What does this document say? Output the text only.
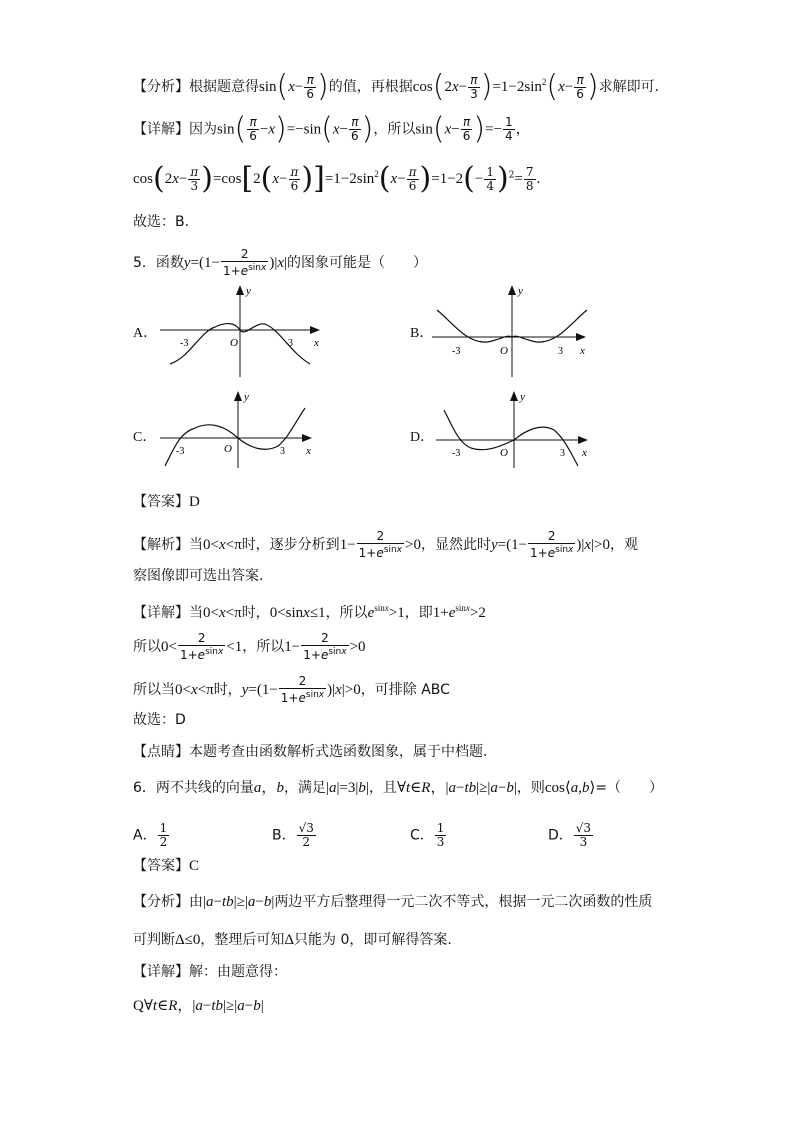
【分析】根据题意得$\sin(x- \frac{\pi}{6}$ )的值，再根据$\cos(2x- \frac{\pi}{3} )=1-2\sin^2(x- \frac{\pi}{6}$ )求解即可.
【详解】因为$\sin( \frac{\pi}{6} -x)=-\sin(x- \frac{\pi}{6}$ )，所以$\sin(x- \frac{\pi}{6}$ )=− $\frac{1}{4}$ ，
$\cos(2x- \frac{\pi}{3} )=\cos[2(x- \frac{\pi}{6} )]=1-2\sin^2(x- \frac{\pi}{6} )=1-2(- \frac{1}{4} )^2= \frac{7}{8}$ .
故选：B.
5．函数$y=(1- \frac{2}{1+e^{sinx}} )|x|$的图象可能是（　　）
A．	B．
C．	D．
y
x
O
-3	3
y
x
O
-3	3
y
x
O
-3	3
y
x
O
-3	3
【答案】D
【解析】当0<x<π时，逐步分析到$1- \frac{2}{1+e^{sinx}} >0$，显然此时$y=(1- \frac{2}{1+e^{sinx}} )|x|>0$，观
察图像即可选出答案.
【详解】当0<x<π时，0<sinx≤1，所以$e^{sinx}>1$，即$1+e^{sinx}>2$
所以$0< \frac{2}{1+e^{sinx}} <1$，所以$1- \frac{2}{1+e^{sinx}} >0$
所以当0<x<π时，$y=(1- \frac{2}{1+e^{sinx}} )|x|>0$，可排除 ABC
故选：D
【点睛】本题考查由函数解析式选函数图象，属于中档题.
6．两不共线的向量a，b，满足|a|=3|b|，且∀t∈R，|a−tb|≥|a−b|，则cos⟨a,b⟩=（　　）
A． $\frac{1}{2}$	B． $\frac{√3}{2}$	C． $\frac{1}{3}$	D． $\frac{√3}{3}$
【答案】C
【分析】由|a−tb|≥|a−b|两边平方后整理得一元二次不等式，根据一元二次函数的性质
可判断Δ≤0，整理后可知Δ只能为 0，即可解得答案.
【详解】解：由题意得：
Q∀t∈R，|a−tb|≥|a−b|
